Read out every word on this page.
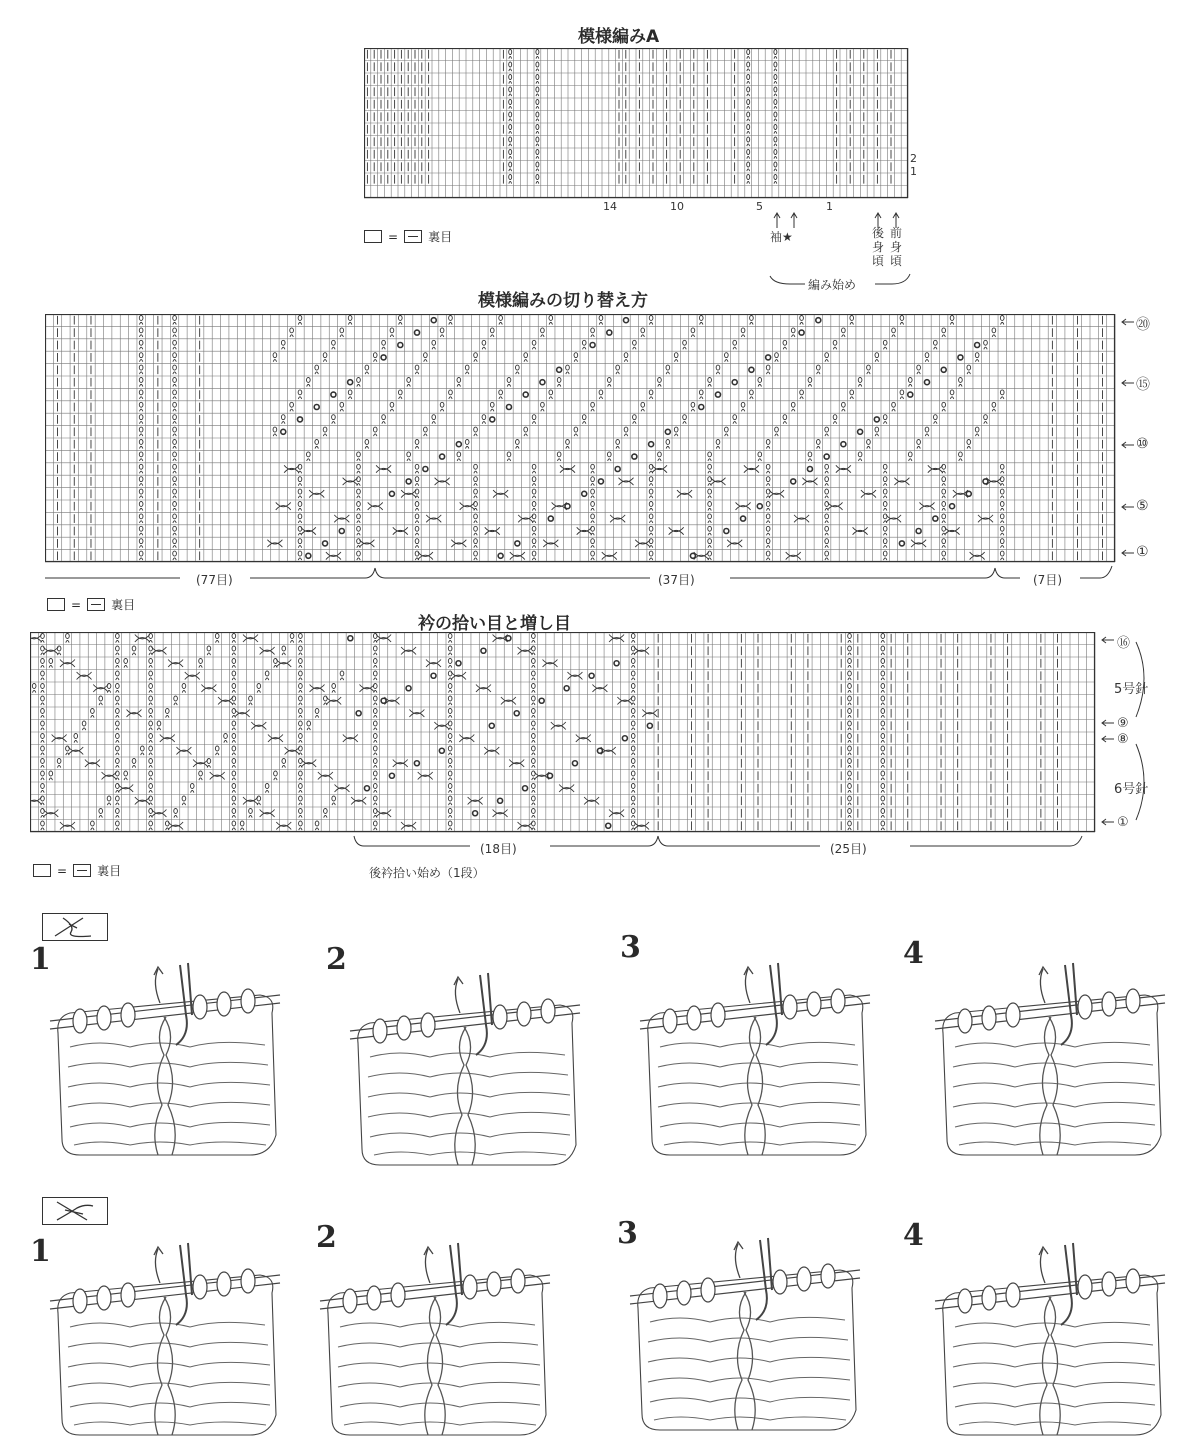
模様編みA
14	10	5	1
2
1
=	裏目	袖★	後身頃
前身頃
編み始め
模様編みの切り替え方
⑳
⑮
⑩
⑤
①
(77目)	(37目)	(7目)
=	裏目
衿の拾い目と増し目
⑯
⑨
⑧
①
5号針
6号針
(18目)	(25目)
後衿拾い始め（1段）
=	裏目
1	2	3	4
1	2	3	4
